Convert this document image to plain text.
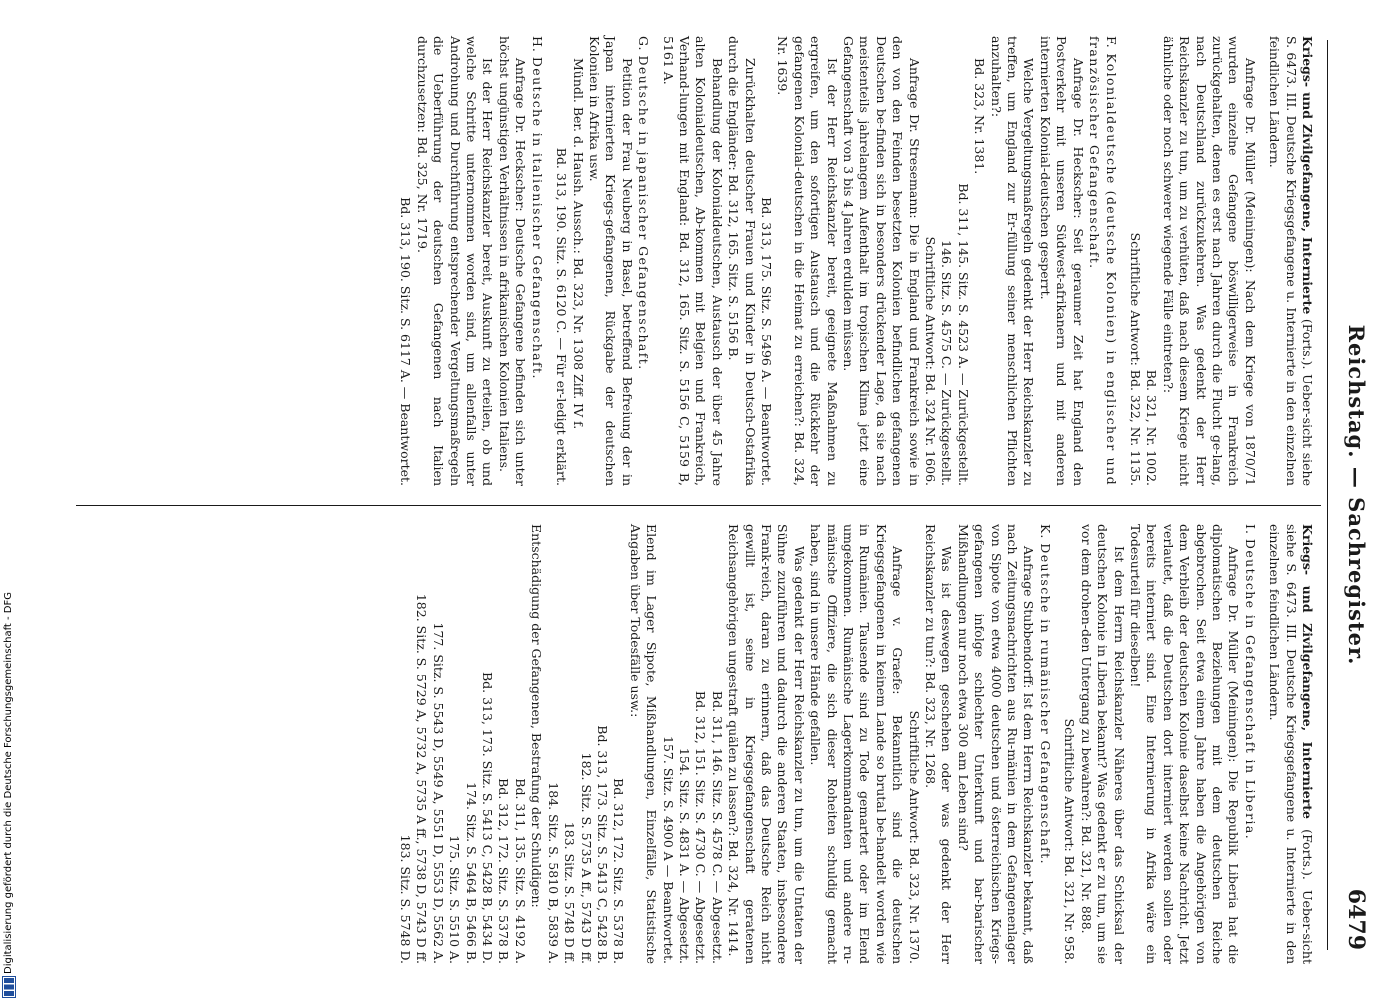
Reichstag. — Sachregister.
6479

Kriegs- und Zivilgefangene, Internierte (Forts.). Ueber-sicht siehe S. 6473. III. Deutsche Kriegsgefangene u. Internierte in den einzelnen feindlichen Ländern.

Anfrage Dr. Müller (Meiningen): Nach dem Kriege von 1870/71 wurden einzelne Gefangene böswilligerweise in Frankreich zurückgehalten, denen es erst nach Jahren durch die Flucht ge-lang, nach Deutschland zurückzukehren. Was gedenkt der Herr Reichskanzler zu tun, um zu verhüten, daß nach diesem Kriege nicht ähnliche oder noch schwerer wiegende Fälle eintreten?:

Bd. 321, Nr. 1002.

Schriftliche Antwort: Bd. 322, Nr. 1135.

F. Kolonialdeutsche (deutsche Kolonien) in englischer und französischer Gefangenschaft.

Anfrage Dr. Heckscher: Seit geraumer Zeit hat England den Postverkehr mit unseren Südwest-afrikanern und mit anderen internierten Kolonial-deutschen gesperrt.

Welche Vergeltungsmaßregeln gedenkt der Herr Reichskanzler zu treffen, um England zur Er-füllung seiner menschlichen Pflichten anzuhalten?:

Bd. 323, Nr. 1381.

Bd. 311, 145. Sitz. S. 4523 A. — Zurückgestellt.

146. Sitz. S. 4575 C. — Zurückgestellt.

Schriftliche Antwort: Bd. 324 Nr. 1606.

Anfrage Dr. Stresemann: Die in England und Frankreich sowie in den von den Feinden besetzten Kolonien befindlichen gefangenen Deutschen be-finden sich in besonders drückender Lage, da sie nach meistenteils jahrelangem Aufenthalt im tropischen Klima jetzt eine Gefangenschaft von 3 bis 4 Jahren erdulden müssen.

Ist der Herr Reichskanzler bereit, geeignete Maßnahmen zu ergreifen, um den sofortigen Austausch und die Rückkehr der gefangenen Kolonial-deutschen in die Heimat zu erreichen?: Bd. 324, Nr. 1639.

Bd. 313, 175. Sitz. S. 5496 A. — Beantwortet.

Zurückhalten deutscher Frauen und Kinder in Deutsch-Ostafrika durch die Engländer: Bd. 312, 165. Sitz. S. 5156 B.

Behandlung der Kolonialdeutschen, Austausch der über 45 Jahre alten Kolonialdeutschen, Ab-kommen mit Belgien und Frankreich, Verhand-lungen mit England: Bd. 312, 165. Sitz. S. 5156 C, 5159 B, 5161 A.

G. Deutsche in japanischer Gefangenschaft.

Petition der Frau Neuberg in Basel, betreffend Befreiung der in Japan internierten Kriegs-gefangenen, Rückgabe der deutschen Kolonien in Afrika usw.

Mündl. Ber. d. Haush. Aussch.: Bd. 323, Nr. 1308 Ziff. IV f.

Bd. 313, 190. Sitz. S. 6120 C. — Für er-ledigt erklärt.

H. Deutsche in italienischer Gefangenschaft.

Anfrage Dr. Heckscher: Deutsche Gefangene befinden sich unter höchst ungünstigen Verhältnissen in afrikanischen Kolonien Italiens.

Ist der Herr Reichskanzler bereit, Auskunft zu erteilen, ob und welche Schritte unternommen worden sind, um allenfalls unter Androhung und Durchführung entsprechender Vergeltungsmaßregeln die Ueberführung der deutschen Gefangenen nach Italien durchzusetzen: Bd. 325, Nr. 1719.

Bd. 313, 190. Sitz. S. 6117 A. — Beantwortet.

Kriegs- und Zivilgefangene, Internierte (Forts.). Ueber-sicht siehe S. 6473. III. Deutsche Kriegsgefangene u. Internierte in den einzelnen feindlichen Ländern.

I. Deutsche in Gefangenschaft in Liberia.

Anfrage Dr. Müller (Meiningen): Die Republik Liberia hat die diplomatischen Beziehungen mit dem deutschen Reiche abgebrochen. Seit etwa einem Jahre haben die Angehörigen von dem Verbleib der deutschen Kolonie daselbst keine Nachricht. Jetzt verlautet, daß die Deutschen dort interniert werden sollen oder bereits interniert sind. Eine Internierung in Afrika wäre ein Todesurteil für dieselben!

Ist dem Herrn Reichskanzler Näheres über das Schicksal der deutschen Kolonie in Liberia bekannt? Was gedenkt er zu tun, um sie vor dem drohen-den Untergang zu bewahren?: Bd. 321, Nr. 888.

Schriftliche Antwort: Bd. 321, Nr. 958.

K. Deutsche in rumänischer Gefangenschaft.

Anfrage Stubbendorff: Ist dem Herrn Reichskanzler bekannt, daß nach Zeitungsnachrichten aus Ru-mänien in dem Gefangenenlager von Sipote von etwa 4000 deutschen und österreichischen Kriegs-gefangenen infolge schlechter Unterkunft und bar-barischer Mißhandlungen nur noch etwa 300 am Leben sind?

Was ist deswegen geschehen oder was gedenkt der Herr Reichskanzler zu tun?: Bd. 323, Nr. 1268.

Schriftliche Antwort: Bd. 323, Nr. 1370.

Anfrage v. Graefe: Bekanntlich sind die deutschen Kriegsgefangenen in keinem Lande so brutal be-handelt worden wie in Rumänien. Tausende sind zu Tode gemartert oder im Elend umgekommen. Rumänische Lagerkommandanten und andere ru-mänische Offiziere, die sich dieser Roheiten schuldig gemacht haben, sind in unsere Hände gefallen.

Was gedenkt der Herr Reichskanzler zu tun, um die Untaten der Sühne zuzuführen und dadurch die anderen Staaten, insbesondere Frank-reich, daran zu erinnern, daß das Deutsche Reich nicht gewillt ist, seine in Kriegsgefangenschaft geratenen Reichsangehörigen ungestraft quälen zu lassen?: Bd. 324, Nr. 1414.

Bd. 311, 146. Sitz. S. 4578 C. — Abgesetzt.

Bd. 312, 151. Sitz. S. 4730 C. — Abgesetzt.

154. Sitz. S. 4831 A. — Abgesetzt.

157. Sitz. S. 4900 A — Beantwortet.

Elend im Lager Sipote, Mißhandlungen, Einzelfälle, Statistische Angaben über Todesfälle usw.:

Bd. 312, 172. Sitz. S. 5378 B.
Bd. 313, 173. Sitz. S. 5413 C, 5428 B.
182. Sitz. S. 5735 A ff., 5743 D ff.
183. Sitz. S. 5748 D ff.
184. Sitz. S. 5810 B, 5839 A.

Entschädigung der Gefangenen, Bestrafung der Schuldigen:

Bd. 311, 135. Sitz. S. 4192 A.
Bd. 312, 172. Sitz. S. 5378 B.
Bd. 313, 173. Sitz. S. 5413 C, 5428 B, 5434 D.
174. Sitz. S. 5464 B, 5466 B.
175. Sitz. S. 5510 A.
177. Sitz. S. 5543 D, 5549 A, 5551 D, 5553 D, 5562 A.
182. Sitz. S. 5729 A, 5732 A, 5735 A ff., 5738 D, 5743 D ff.
183. Sitz. S. 5748 D.
Digitalisierung gefördert durch die Deutsche Forschungsgemeinschaft - DFG
